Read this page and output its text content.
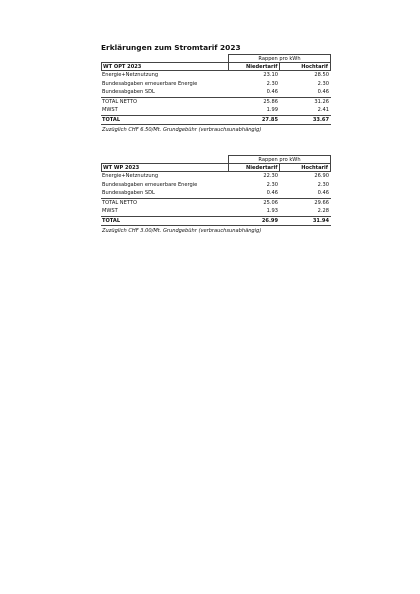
Erklärungen zum Stromtarif 2023
Rappen pro kWh
WT OPT 2023	Niedertarif	Hochtarif
Energie+Netznutzung	23.10	28.50
Bundesabgaben erneuerbare Energie	2.30	2.30
Bundesabgaben SDL	0.46	0.46
TOTAL NETTO	25.86	31.26
MWST	1.99	2.41
TOTAL	27.85	33.67
Zuzüglich CHF 6.50/Mt. Grundgebühr (verbrauchsunabhängig)
Rappen pro kWh
WT WP 2023	Niedertarif	Hochtarif
Energie+Netznutzung	22.30	26.90
Bundesabgaben erneuerbare Energie	2.30	2.30
Bundesabgaben SDL	0.46	0.46
TOTAL NETTO	25.06	29.66
MWST	1.93	2.28
TOTAL	26.99	31.94
Zuzüglich CHF 3.00/Mt. Grundgebühr (verbrauchsunabhängig)
